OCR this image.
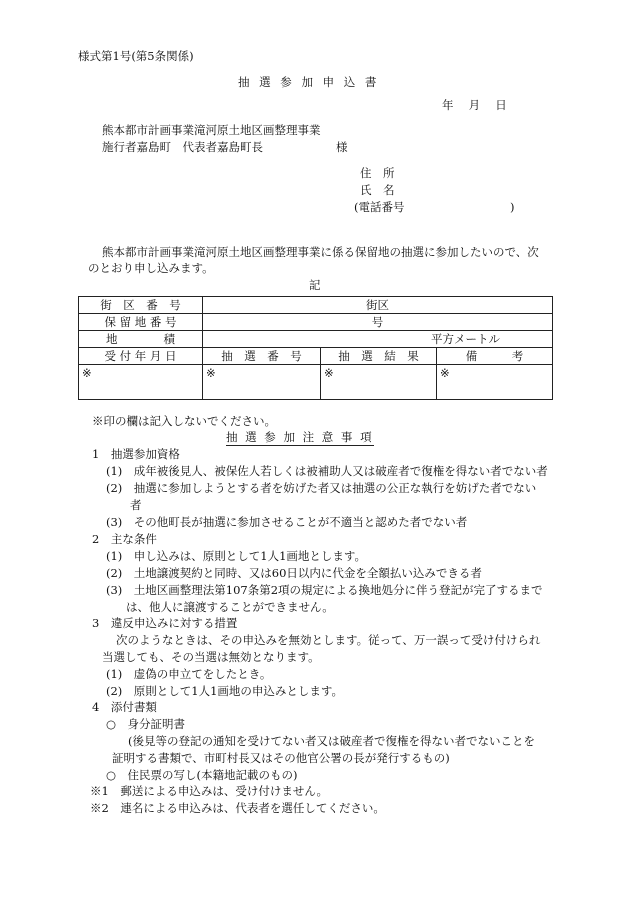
様式第1号(第5条関係)
抽 選 参 加 申 込 書
年　 月 　日
熊本都市計画事業滝河原土地区画整理事業
施行者嘉島町　代表者嘉島町長	様
住　所
氏　名
(電話番号	)
熊本都市計画事業滝河原土地区画整理事業に係る保留地の抽選に参加したいので、次
のとおり申し込みます。
記
街　区　番　号	街区		
保 留 地 番 号	号		
地　　　　積	平方メートル		
受 付 年 月 日	抽　選　番　号	抽　選　結　果	備　　　考
※	※	※	※
※印の欄は記入しないでください。
抽 選 参 加 注 意 事 項
1　抽選参加資格
(1)　成年被後見人、被保佐人若しくは被補助人又は破産者で復権を得ない者でない者
(2)　抽選に参加しようとする者を妨げた者又は抽選の公正な執行を妨げた者でない
者
(3)　その他町長が抽選に参加させることが不適当と認めた者でない者
2　主な条件
(1)　申し込みは、原則として1人1画地とします。
(2)　土地譲渡契約と同時、又は60日以内に代金を全額払い込みできる者
(3)　土地区画整理法第107条第2項の規定による換地処分に伴う登記が完了するまで
は、他人に譲渡することができません。
3　違反申込みに対する措置
次のようなときは、その申込みを無効とします。従って、万一誤って受け付けられ
当選しても、その当選は無効となります。
(1)　虚偽の申立てをしたとき。
(2)　原則として1人1画地の申込みとします。
4　添付書類
○　身分証明書
(後見等の登記の通知を受けてない者又は破産者で復権を得ない者でないことを
証明する書類で、市町村長又はその他官公署の長が発行するもの)
○　住民票の写し(本籍地記載のもの)
※1　郵送による申込みは、受け付けません。
※2　連名による申込みは、代表者を選任してください。
